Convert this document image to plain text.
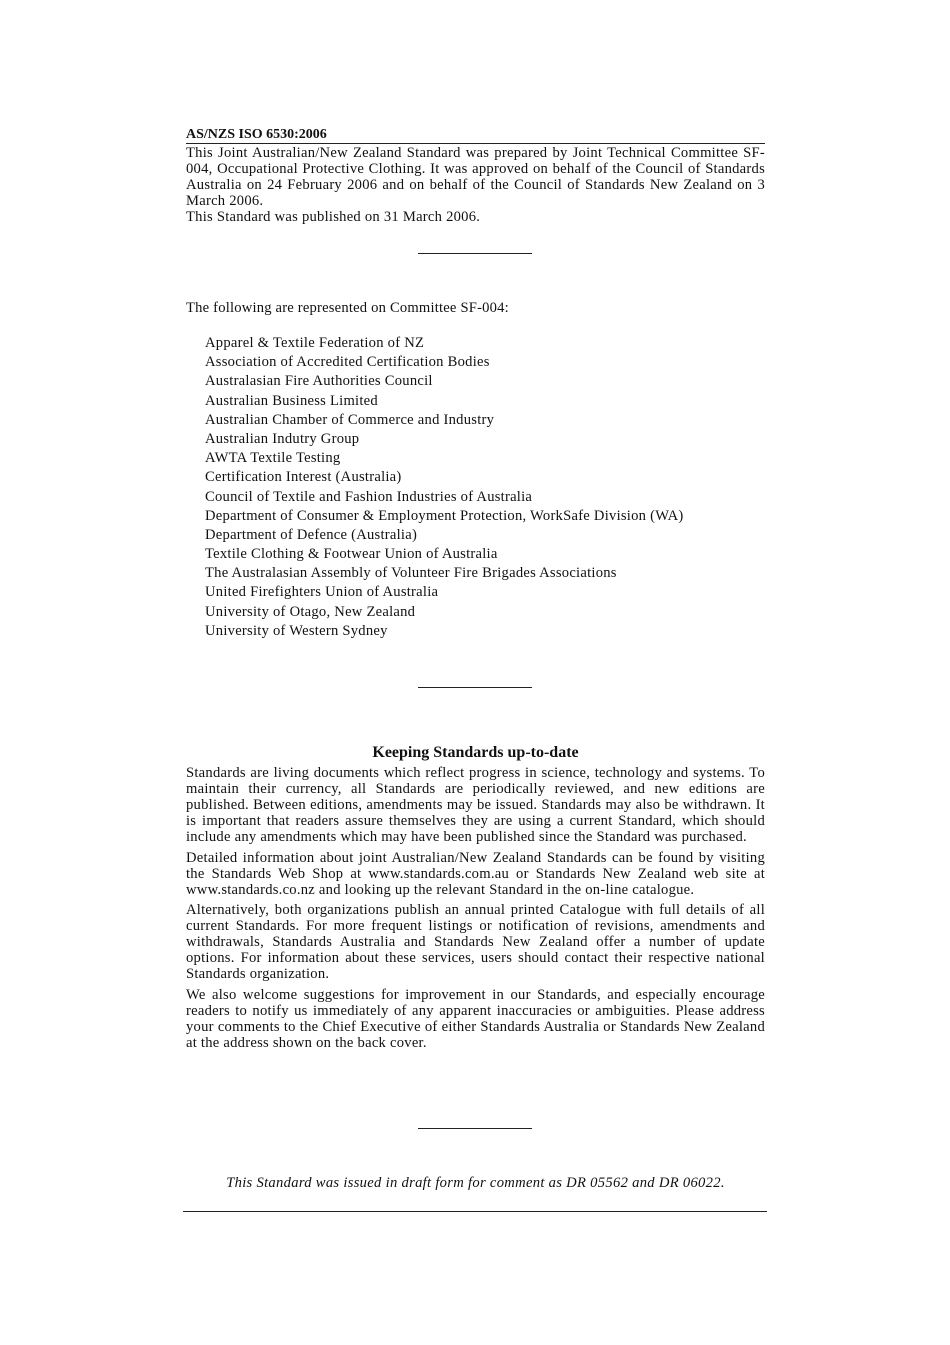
AS/NZS ISO 6530:2006

This Joint Australian/New Zealand Standard was prepared by Joint Technical Committee SF-004, Occupational Protective Clothing. It was approved on behalf of the Council of Standards Australia on 24 February 2006 and on behalf of the Council of Standards New Zealand on 3 March 2006.

This Standard was published on 31 March 2006.

The following are represented on Committee SF-004:
Apparel & Textile Federation of NZ
Association of Accredited Certification Bodies
Australasian Fire Authorities Council
Australian Business Limited
Australian Chamber of Commerce and Industry
Australian Indutry Group
AWTA Textile Testing
Certification Interest (Australia)
Council of Textile and Fashion Industries of Australia
Department of Consumer & Employment Protection, WorkSafe Division (WA)
Department of Defence (Australia)
Textile Clothing & Footwear Union of Australia
The Australasian Assembly of Volunteer Fire Brigades Associations
United Firefighters Union of Australia
University of Otago, New Zealand
University of Western Sydney
Keeping Standards up-to-date

Standards are living documents which reflect progress in science, technology and systems. To maintain their currency, all Standards are periodically reviewed, and new editions are published. Between editions, amendments may be issued. Standards may also be withdrawn. It is important that readers assure themselves they are using a current Standard, which should include any amendments which may have been published since the Standard was purchased.

Detailed information about joint Australian/New Zealand Standards can be found by visiting the Standards Web Shop at www.standards.com.au or Standards New Zealand web site at www.standards.co.nz and looking up the relevant Standard in the on-line catalogue.

Alternatively, both organizations publish an annual printed Catalogue with full details of all current Standards. For more frequent listings or notification of revisions, amendments and withdrawals, Standards Australia and Standards New Zealand offer a number of update options. For information about these services, users should contact their respective national Standards organization.

We also welcome suggestions for improvement in our Standards, and especially encourage readers to notify us immediately of any apparent inaccuracies or ambiguities. Please address your comments to the Chief Executive of either Standards Australia or Standards New Zealand at the address shown on the back cover.

This Standard was issued in draft form for comment as DR 05562 and DR 06022.
